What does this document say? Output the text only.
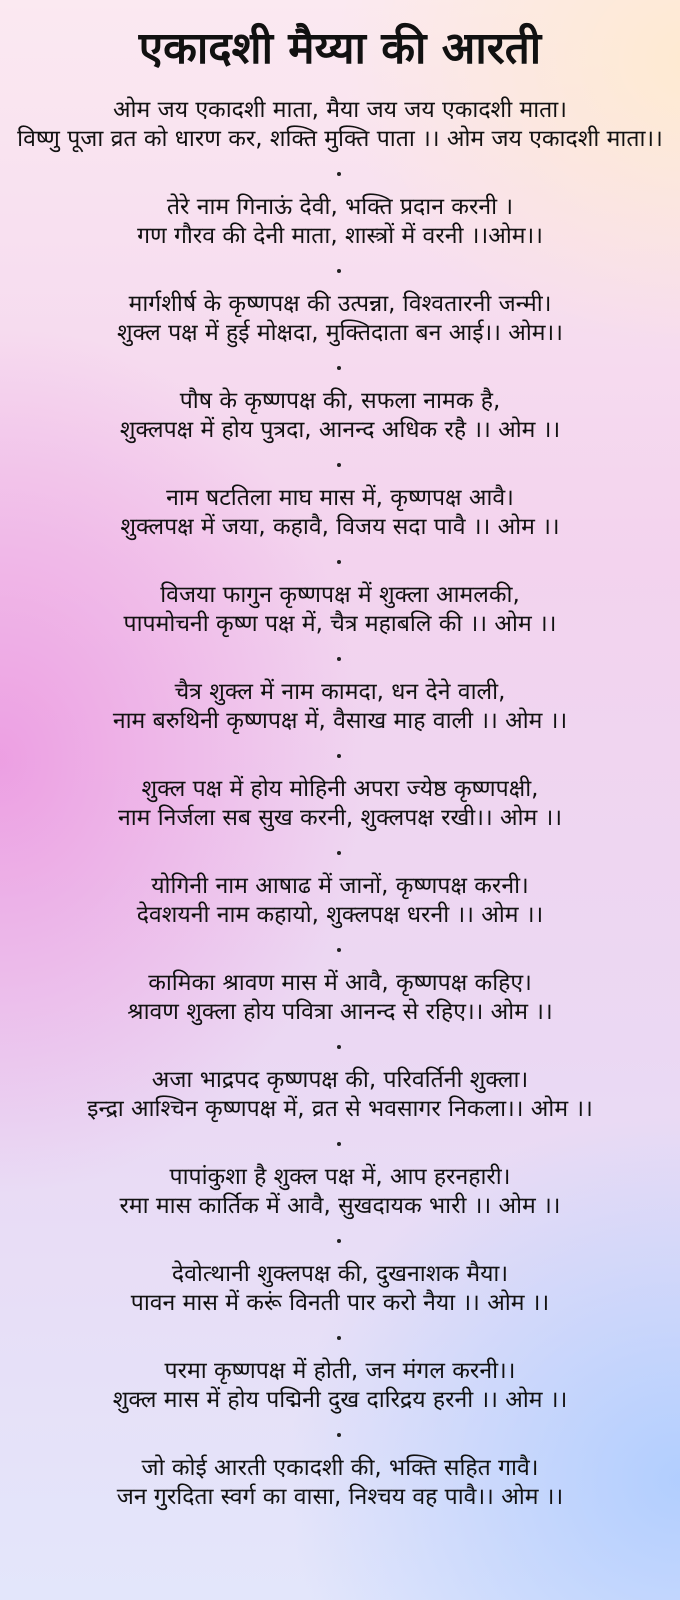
एकादशी मैय्या की आरती
ओम जय एकादशी माता, मैया जय जय एकादशी माता।
विष्णु पूजा व्रत को धारण कर, शक्ति मुक्ति पाता ।। ओम जय एकादशी माता।।
तेरे नाम गिनाऊं देवी, भक्ति प्रदान करनी ।
गण गौरव की देनी माता, शास्त्रों में वरनी ।।ओम।।
मार्गशीर्ष के कृष्णपक्ष की उत्पन्ना, विश्वतारनी जन्मी।
शुक्ल पक्ष में हुई मोक्षदा, मुक्तिदाता बन आई।। ओम।।
पौष के कृष्णपक्ष की, सफला नामक है,
शुक्लपक्ष में होय पुत्रदा, आनन्द अधिक रहै ।। ओम ।।
नाम षटतिला माघ मास में, कृष्णपक्ष आवै।
शुक्लपक्ष में जया, कहावै, विजय सदा पावै ।। ओम ।।
विजया फागुन कृष्णपक्ष में शुक्ला आमलकी,
पापमोचनी कृष्ण पक्ष में, चैत्र महाबलि की ।। ओम ।।
चैत्र शुक्ल में नाम कामदा, धन देने वाली,
नाम बरुथिनी कृष्णपक्ष में, वैसाख माह वाली ।। ओम ।।
शुक्ल पक्ष में होय मोहिनी अपरा ज्येष्ठ कृष्णपक्षी,
नाम निर्जला सब सुख करनी, शुक्लपक्ष रखी।। ओम ।।
योगिनी नाम आषाढ में जानों, कृष्णपक्ष करनी।
देवशयनी नाम कहायो, शुक्लपक्ष धरनी ।। ओम ।।
कामिका श्रावण मास में आवै, कृष्णपक्ष कहिए।
श्रावण शुक्ला होय पवित्रा आनन्द से रहिए।। ओम ।।
अजा भाद्रपद कृष्णपक्ष की, परिवर्तिनी शुक्ला।
इन्द्रा आश्चिन कृष्णपक्ष में, व्रत से भवसागर निकला।। ओम ।।
पापांकुशा है शुक्ल पक्ष में, आप हरनहारी।
रमा मास कार्तिक में आवै, सुखदायक भारी ।। ओम ।।
देवोत्थानी शुक्लपक्ष की, दुखनाशक मैया।
पावन मास में करूं विनती पार करो नैया ।। ओम ।।
परमा कृष्णपक्ष में होती, जन मंगल करनी।।
शुक्ल मास में होय पद्मिनी दुख दारिद्रय हरनी ।। ओम ।।
जो कोई आरती एकादशी की, भक्ति सहित गावै।
जन गुरदिता स्वर्ग का वासा, निश्चय वह पावै।। ओम ।।
